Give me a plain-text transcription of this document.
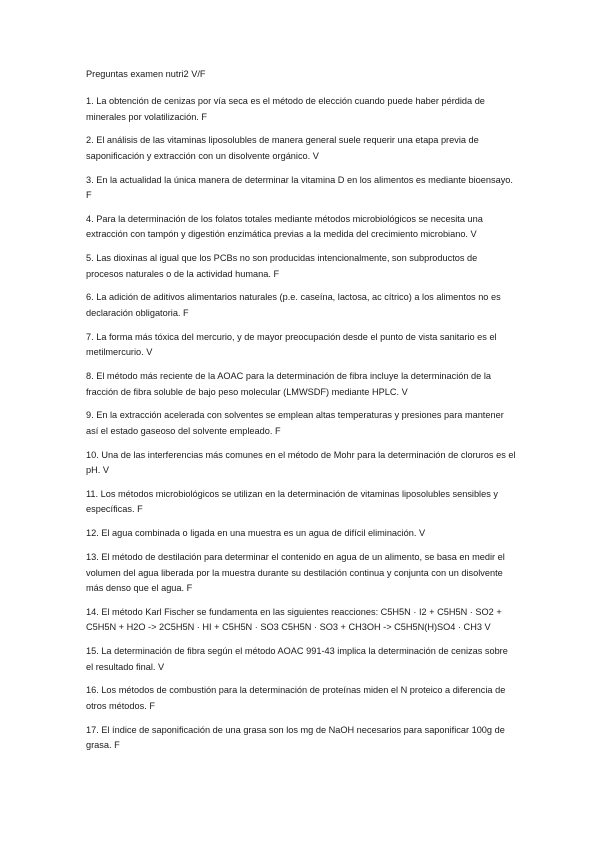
Preguntas examen nutri2 V/F

1. La obtención de cenizas por vía seca es el método de elección cuando puede haber pérdida de minerales por volatilización. F

2. El análisis de las vitaminas liposolubles de manera general suele requerir una etapa previa de saponificación y extracción con un disolvente orgánico. V

3. En la actualidad la única manera de determinar la vitamina D en los alimentos es mediante bioensayo. F

4. Para la determinación de los folatos totales mediante métodos microbiológicos se necesita una extracción con tampón y digestión enzimática previas a la medida del crecimiento microbiano. V

5. Las dioxinas al igual que los PCBs no son producidas intencionalmente, son subproductos de procesos naturales o de la actividad humana. F

6. La adición de aditivos alimentarios naturales (p.e. caseína, lactosa, ac cítrico) a los alimentos no es declaración obligatoria. F

7. La forma más tóxica del mercurio, y de mayor preocupación desde el punto de vista sanitario es el metilmercurio. V

8. El método más reciente de la AOAC para la determinación de fibra incluye la determinación de la fracción de fibra soluble de bajo peso molecular (LMWSDF) mediante HPLC. V

9. En la extracción acelerada con solventes se emplean altas temperaturas y presiones para mantener así el estado gaseoso del solvente empleado. F

10. Una de las interferencias más comunes en el método de Mohr para la determinación de cloruros es el pH. V

11. Los métodos microbiológicos se utilizan en la determinación de vitaminas liposolubles sensibles y específicas. F

12. El agua combinada o ligada en una muestra es un agua de difícil eliminación. V

13. El método de destilación para determinar el contenido en agua de un alimento, se basa en medir el volumen del agua liberada por la muestra durante su destilación continua y conjunta con un disolvente más denso que el agua. F

14. El método Karl Fischer se fundamenta en las siguientes reacciones: C5H5N · I2 + C5H5N · SO2 + C5H5N + H2O -> 2C5H5N · HI + C5H5N · SO3 C5H5N · SO3 + CH3OH -> C5H5N(H)SO4 · CH3 V

15. La determinación de fibra según el método AOAC 991-43 implica la determinación de cenizas sobre el resultado final. V

16. Los métodos de combustión para la determinación de proteínas miden el N proteico a diferencia de otros métodos. F

17. El índice de saponificación de una grasa son los mg de NaOH necesarios para saponificar 100g de grasa. F
